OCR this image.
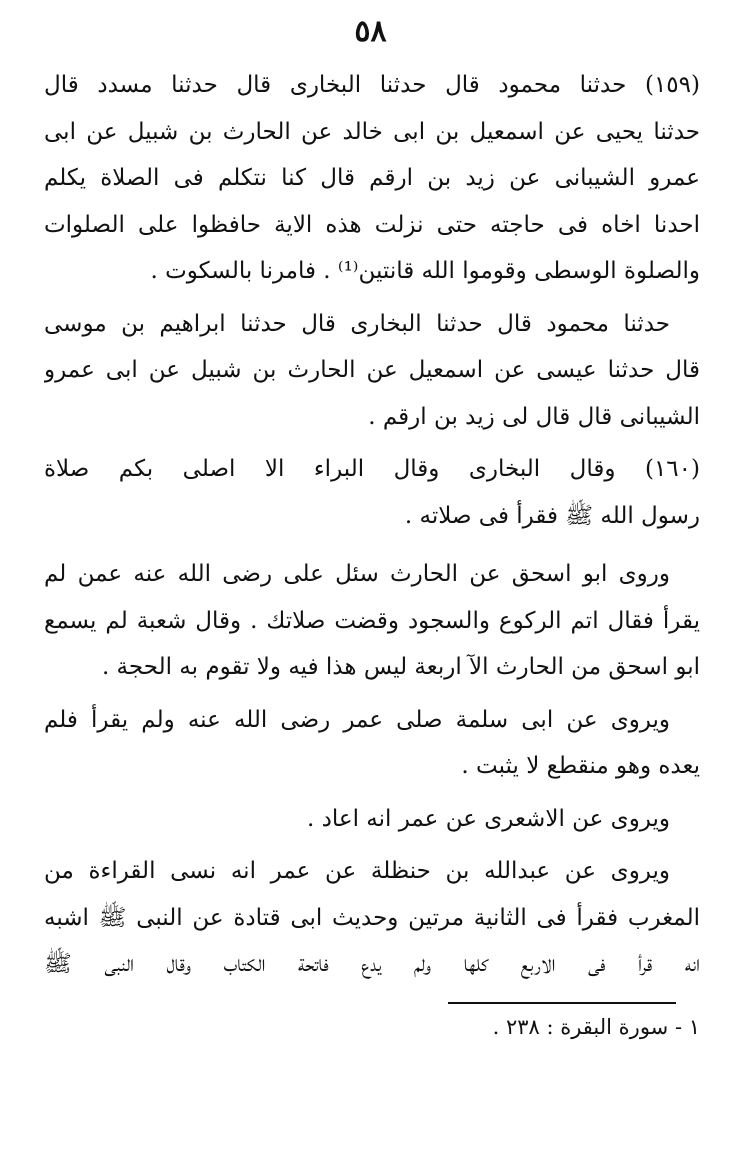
٥٨
(١٥٩) حدثنا محمود قال حدثنا البخارى قال حدثنا مسدد قال
حدثنا يحيى عن اسمعيل بن ابى خالد عن الحارث بن شبيل عن ابى
عمرو الشيبانى عن زيد بن ارقم قال كنا نتكلم فى الصلاة يكلم
احدنا اخاه فى حاجته حتى نزلت هذه الاية حافظوا على الصلوات
والصلوة الوسطى وقوموا الله قانتين⁽¹⁾ . فامرنا بالسكوت .
حدثنا محمود قال حدثنا البخارى قال حدثنا ابراهيم بن موسى
قال حدثنا عيسى عن اسمعيل عن الحارث بن شبيل عن ابى عمرو
الشيبانى قال قال لى زيد بن ارقم .
(١٦٠) وقال البخارى وقال البراء الا اصلى بكم صلاة
رسول الله ﷺ فقرأ فى صلاته .
وروى ابو اسحق عن الحارث سئل على رضى الله عنه عمن لم
يقرأ فقال اتم الركوع والسجود وقضت صلاتك . وقال شعبة لم يسمع
ابو اسحق من الحارث الآ اربعة ليس هذا فيه ولا تقوم به الحجة .
ويروى عن ابى سلمة صلى عمر رضى الله عنه ولم يقرأ فلم
يعده وهو منقطع لا يثبت .
ويروى عن الاشعرى عن عمر انه اعاد .
ويروى عن عبدالله بن حنظلة عن عمر انه نسى القراءة من
المغرب فقرأ فى الثانية مرتين وحديث ابى قتادة عن النبى ﷺ اشبه
انه قرأ فى الاربع كلها ولم يدع فاتحة الكتاب وقال النبى ﷺ
١ - سورة البقرة : ٢٣٨ .
